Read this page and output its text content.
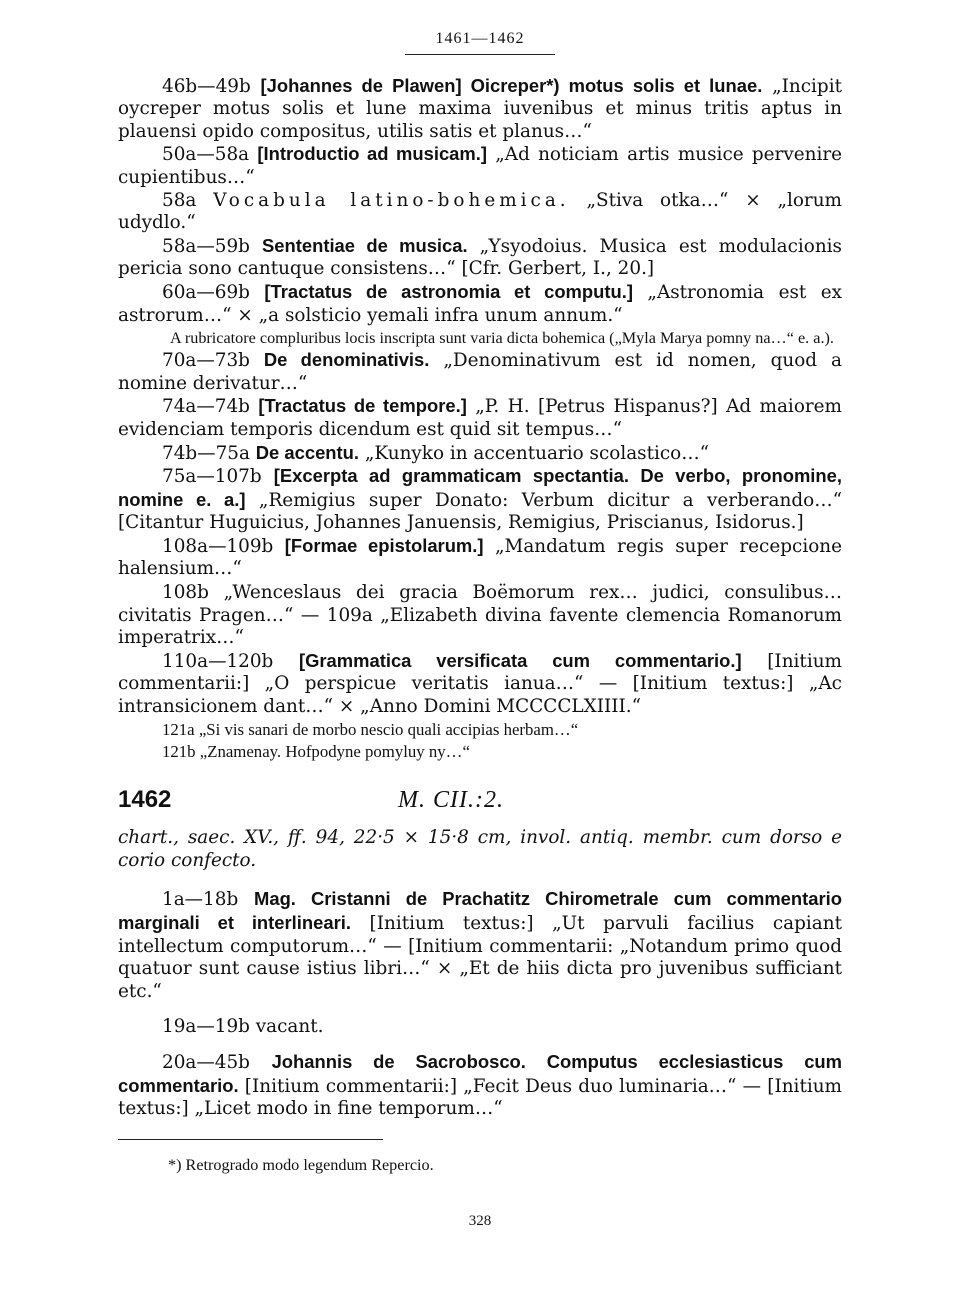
1461—1462

46b—49b [Johannes de Plawen] Oicreper*) motus solis et lunae. „Incipit oycreper motus solis et lune maxima iuvenibus et minus tritis aptus in plauensi opido compositus, utilis satis et planus…“

50a—58a [Introductio ad musicam.] „Ad noticiam artis musice pervenire cupientibus…“

58a Vocabula latino-bohemica. „Stiva otka…“ × „lorum udydlo.“

58a—59b Sententiae de musica. „Ysyodoius. Musica est modulacionis pericia sono cantuque consistens…“ [Cfr. Gerbert, I., 20.]

60a—69b [Tractatus de astronomia et computu.] „Astronomia est ex astrorum…“ × „a solsticio yemali infra unum annum.“

A rubricatore compluribus locis inscripta sunt varia dicta bohemica („Myla Marya pomny na…“ e. a.).

70a—73b De denominativis. „Denominativum est id nomen, quod a nomine derivatur…“

74a—74b [Tractatus de tempore.] „P. H. [Petrus Hispanus?] Ad maiorem evidenciam temporis dicendum est quid sit tempus…“

74b—75a De accentu. „Kunyko in accentuario scolastico…“

75a—107b [Excerpta ad grammaticam spectantia. De verbo, pronomine, nomine e. a.] „Remigius super Donato: Verbum dicitur a verberando…“ [Citantur Huguicius, Johannes Januensis, Remigius, Priscianus, Isidorus.]

108a—109b [Formae epistolarum.] „Mandatum regis super recepcione halensium…“

108b „Wenceslaus dei gracia Boëmorum rex… judici, consulibus… civitatis Pragen…“ — 109a „Elizabeth divina favente clemencia Romanorum imperatrix…“

110a—120b [Grammatica versificata cum commentario.] [Initium commentarii:] „O perspicue veritatis ianua…“ — [Initium textus:] „Ac intransicionem dant…“ × „Anno Domini MCCCCLXIIII.“

121a „Si vis sanari de morbo nescio quali accipias herbam…“

121b „Znamenay. Hofpodyne pomyluy ny…“

1462	M. CII.:2.

chart., saec. XV., ff. 94, 22·5 × 15·8 cm, invol. antiq. membr. cum dorso e corio confecto.

1a—18b Mag. Cristanni de Prachatitz Chirometrale cum commentario marginali et interlineari. [Initium textus:] „Ut parvuli facilius capiant intellectum computorum…“ — [Initium commentarii: „Notandum primo quod quatuor sunt cause istius libri…“ × „Et de hiis dicta pro juvenibus sufficiant etc.“

19a—19b vacant.

20a—45b Johannis de Sacrobosco. Computus ecclesiasticus cum commentario. [Initium commentarii:] „Fecit Deus duo luminaria…“ — [Initium textus:] „Licet modo in fine temporum…“

*) Retrogrado modo legendum Repercio.

328
